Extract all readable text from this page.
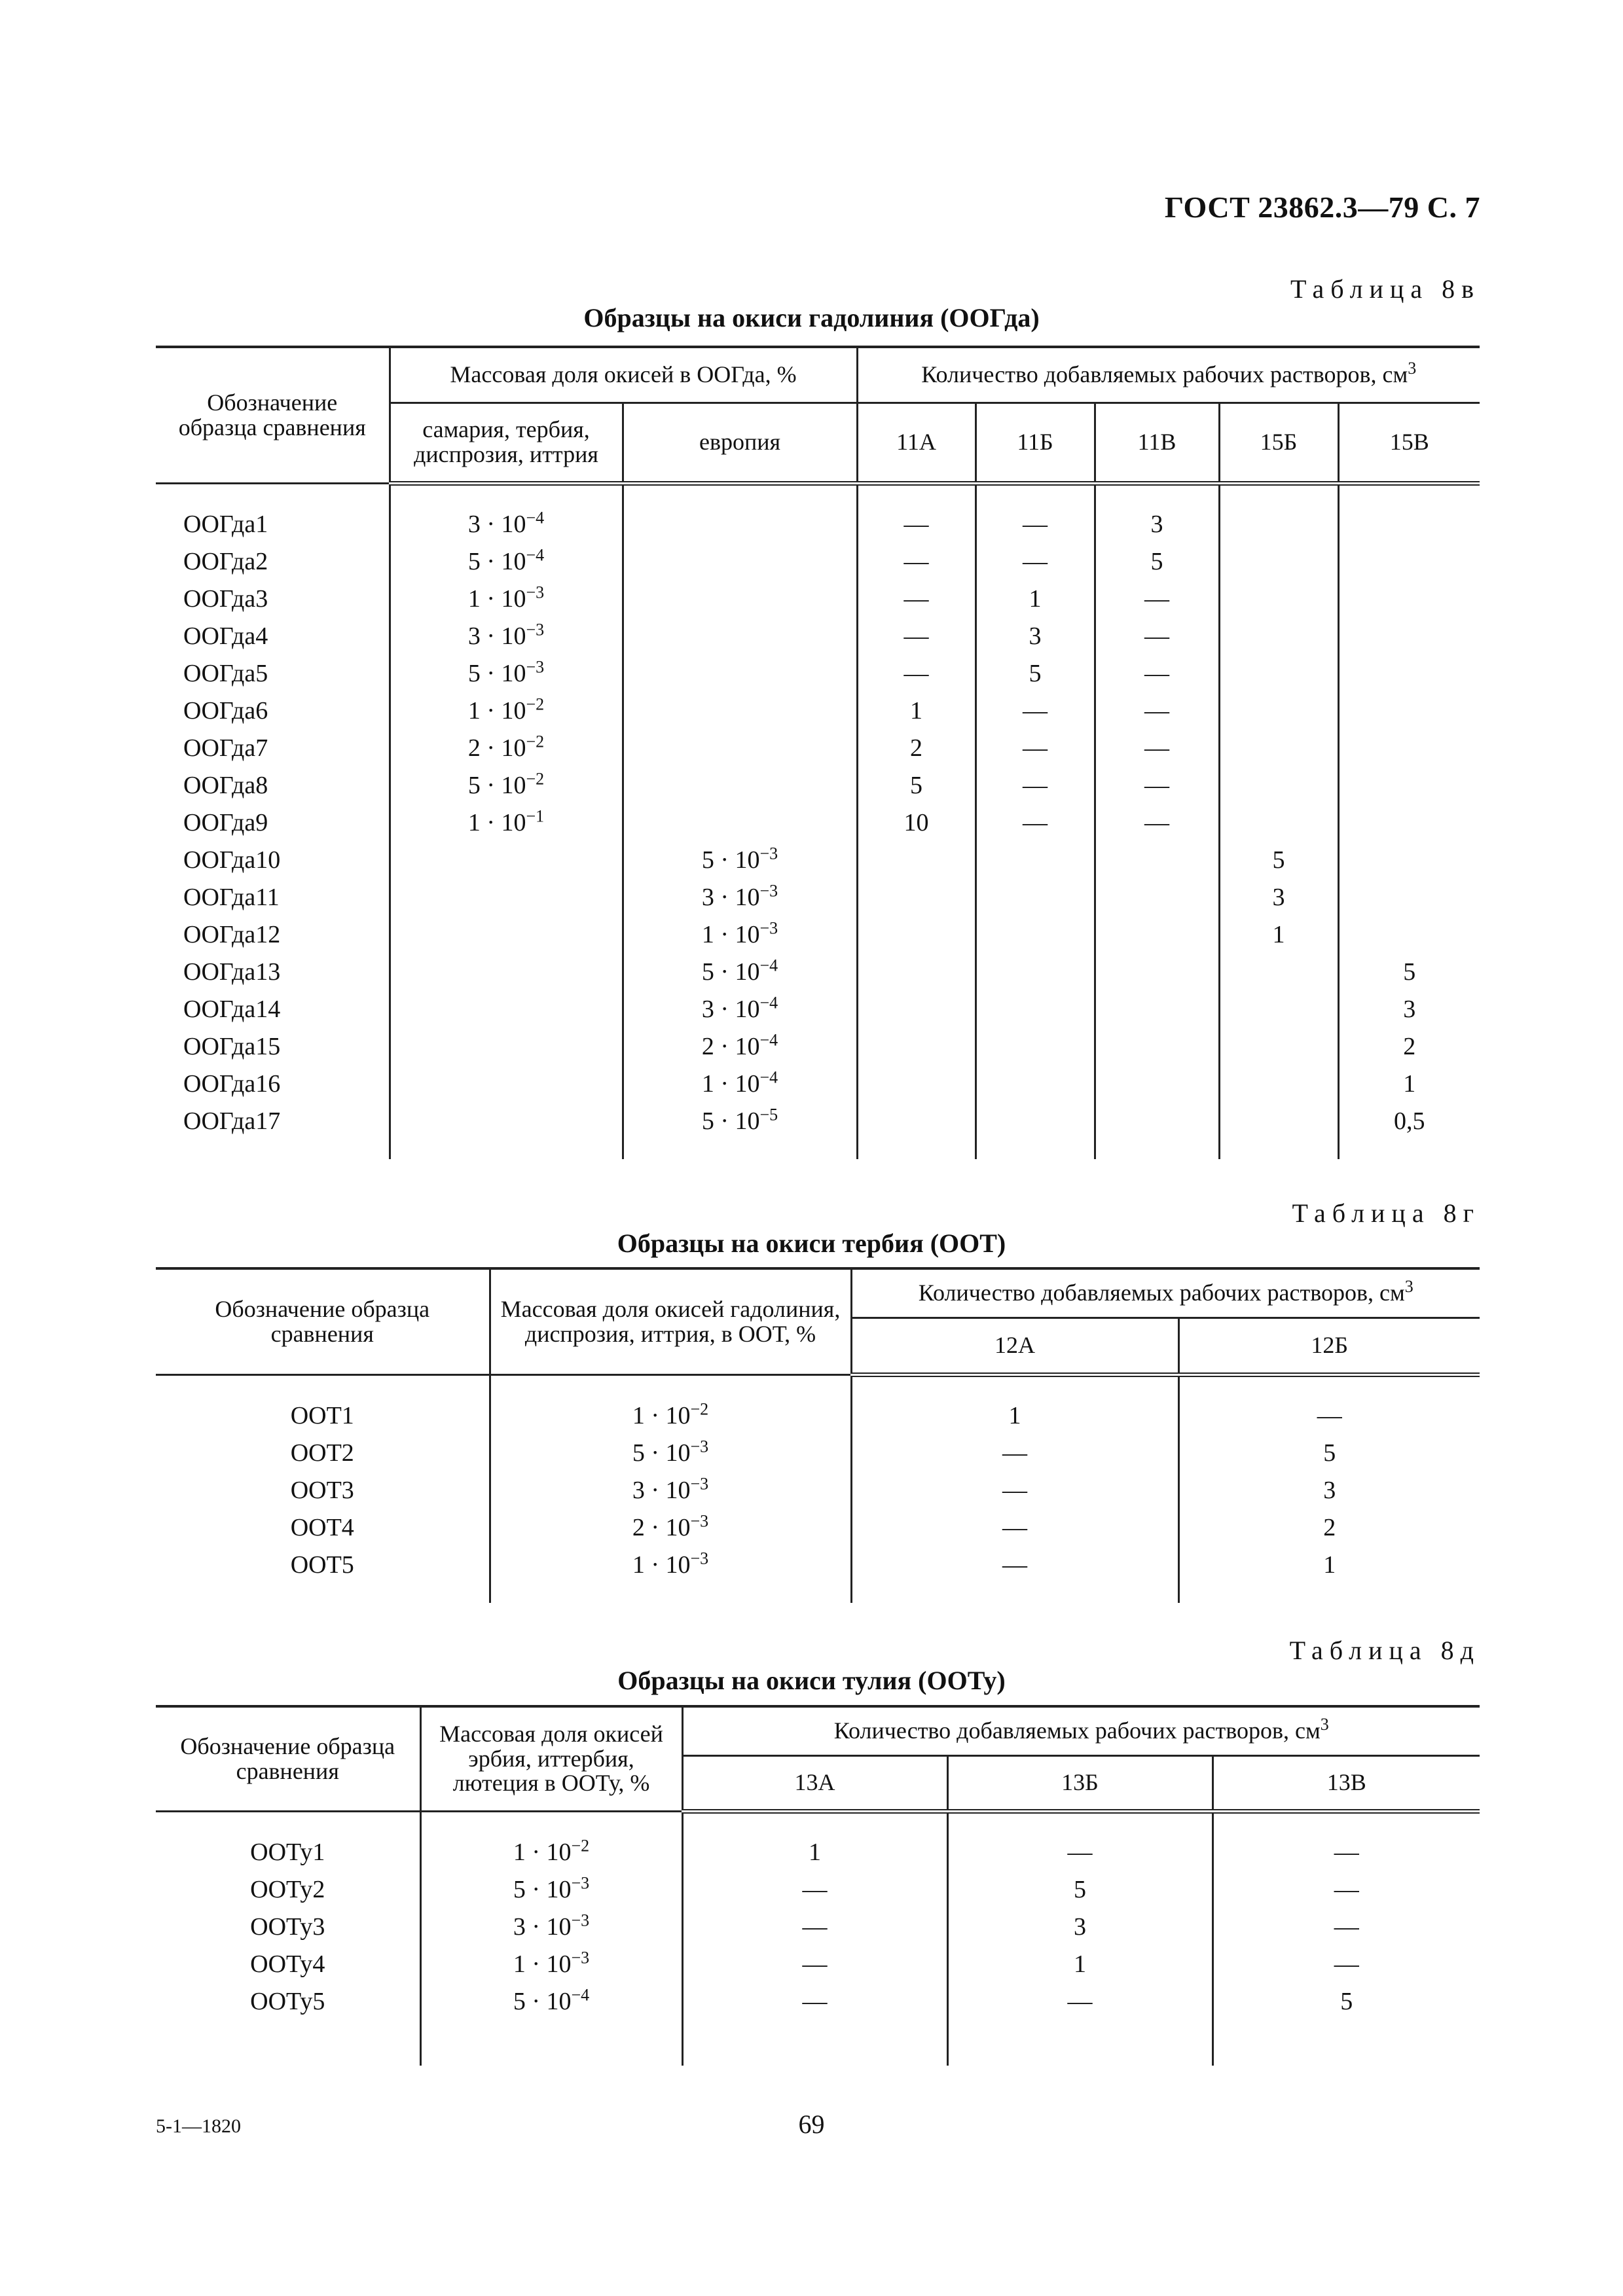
ГОСТ 23862.3—79 С. 7
Таблица 8в
Образцы на окиси гадолиния (ООГда)
Обозначение образца сравнения	Массовая доля окисей в ООГда, %		Количество добавляемых рабочих растворов, $см^3$
	самария, тербия, диспрозия, иттрия	европия	11А	11Б	11В	15Б	15В

ООГда1	$3 \cdot 10^{-4}$		—	—	3		
ООГда2	$5 \cdot 10^{-4}$		—	—	5		
ООГда3	$1 \cdot 10^{-3}$		—	1	—		
ООГда4	$3 \cdot 10^{-3}$		—	3	—		
ООГда5	$5 \cdot 10^{-3}$		—	5	—		
ООГда6	$1 \cdot 10^{-2}$		1	—	—		
ООГда7	$2 \cdot 10^{-2}$		2	—	—		
ООГда8	$5 \cdot 10^{-2}$		5	—	—		
ООГда9	$1 \cdot 10^{-1}$		10	—	—		
ООГда10		$5 \cdot 10^{-3}$				5	
ООГда11		$3 \cdot 10^{-3}$				3	
ООГда12		$1 \cdot 10^{-3}$				1	
ООГда13		$5 \cdot 10^{-4}$					5
ООГда14		$3 \cdot 10^{-4}$					3
ООГда15		$2 \cdot 10^{-4}$					2
ООГда16		$1 \cdot 10^{-4}$					1
ООГда17		$5 \cdot 10^{-5}$					0,5

Таблица 8г
Образцы на окиси тербия (ООТ)
Обозначение образца сравнения	Массовая доля окисей гадолиния, диспрозия, иттрия, в ООТ, %	Количество добавляемых рабочих растворов, $см^3$
		12А	12Б

ООТ1	$1 \cdot 10^{-2}$	1	—
ООТ2	$5 \cdot 10^{-3}$	—	5
ООТ3	$3 \cdot 10^{-3}$	—	3
ООТ4	$2 \cdot 10^{-3}$	—	2
ООТ5	$1 \cdot 10^{-3}$	—	1

Таблица 8д
Образцы на окиси тулия (ООТу)
Обозначение образца сравнения	Массовая доля окисей эрбия, иттербия, лютеция в ООТу, %	Количество добавляемых рабочих растворов, $см^3$
		13А	13Б	13В

ООТу1	$1 \cdot 10^{-2}$	1	—	—
ООТу2	$5 \cdot 10^{-3}$	—	5	—
ООТу3	$3 \cdot 10^{-3}$	—	3	—
ООТу4	$1 \cdot 10^{-3}$	—	1	—
ООТу5	$5 \cdot 10^{-4}$	—	—	5

5-1—1820	69
